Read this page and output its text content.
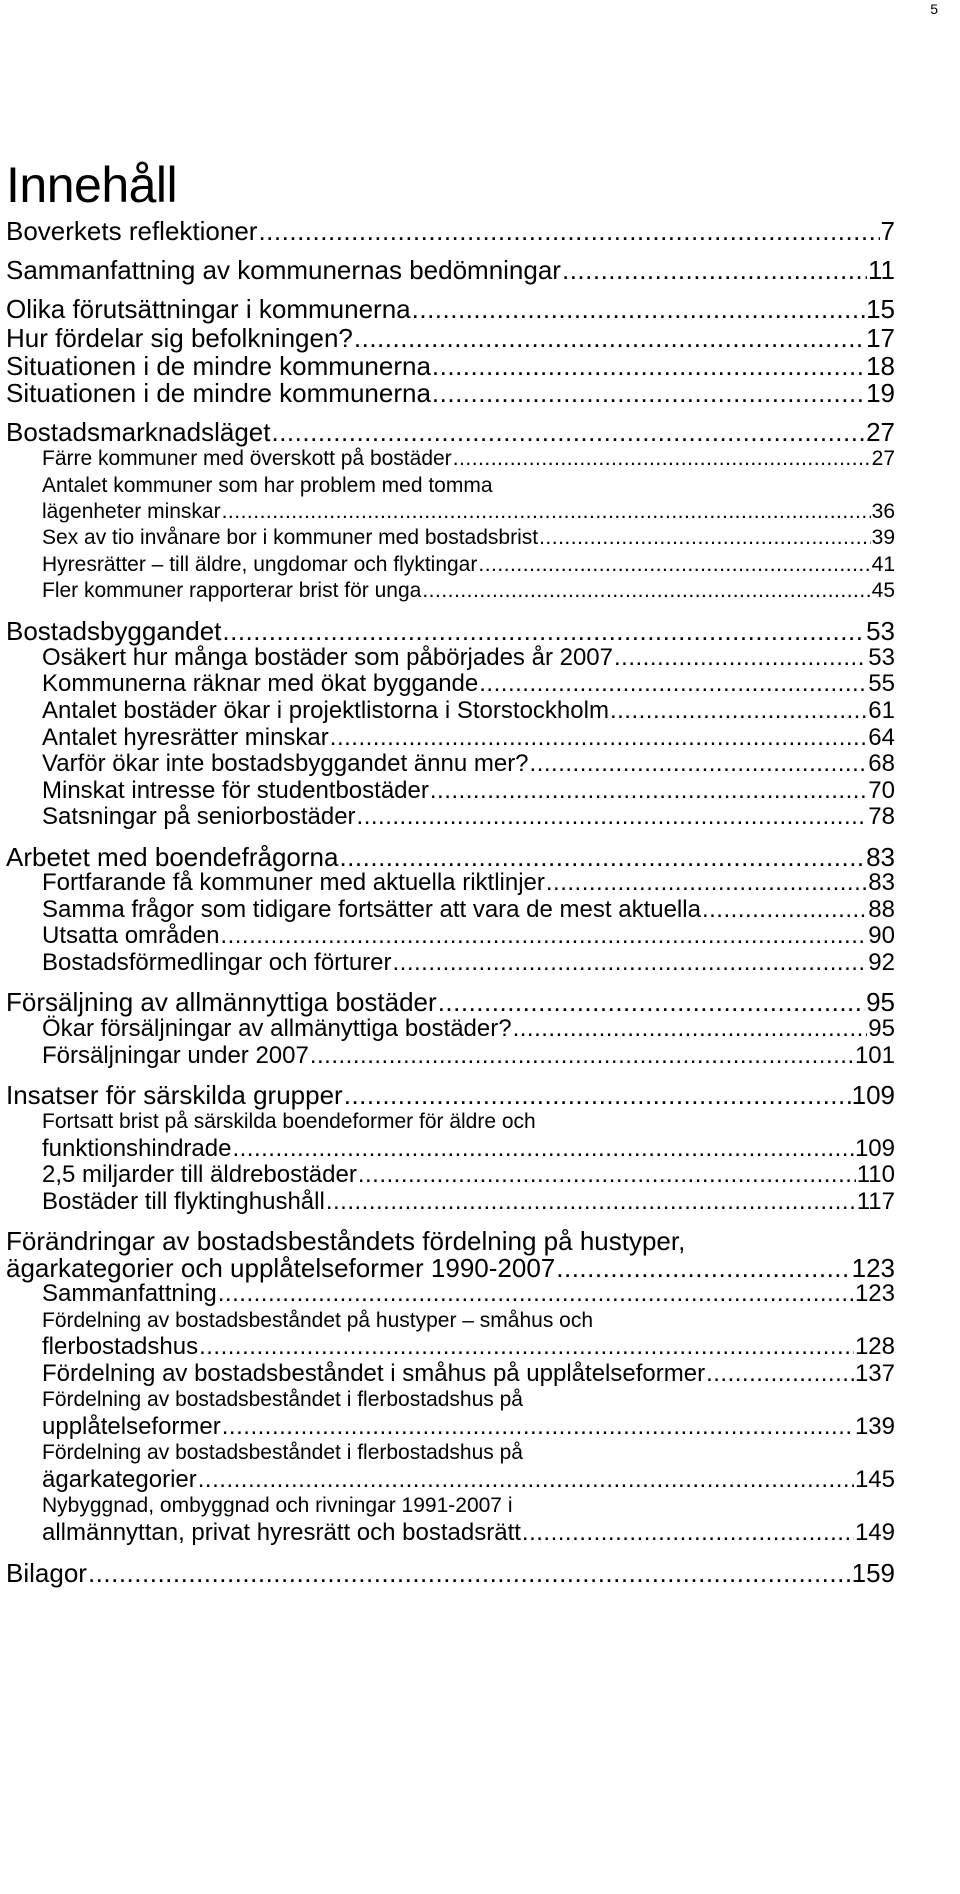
5
Innehåll
Boverkets reflektioner .....	7
Sammanfattning av kommunernas bedömningar .....	11
Olika förutsättningar i kommunerna .....	15
Hur fördelar sig befolkningen? .....	17
Situationen i de mindre kommunerna .....	18
Situationen i de mindre kommunerna .....	19
Bostadsmarknadsläget .....	27
Färre kommuner med överskott på bostäder .....	27
Antalet kommuner som har problem med tomma
lägenheter minskar .....	36
Sex av tio invånare bor i kommuner med bostadsbrist .....	39
Hyresrätter – till äldre, ungdomar och flyktingar .....	41
Fler kommuner rapporterar brist för unga .....	45
Bostadsbyggandet .....	53
Osäkert hur många bostäder som påbörjades år 2007 .....	53
Kommunerna räknar med ökat byggande .....	55
Antalet bostäder ökar i projektlistorna i Storstockholm .....	61
Antalet hyresrätter minskar .....	64
Varför ökar inte bostadsbyggandet ännu mer? .....	68
Minskat intresse för studentbostäder .....	70
Satsningar på seniorbostäder .....	78
Arbetet med boendefrågorna .....	83
Fortfarande få kommuner med aktuella riktlinjer .....	83
Samma frågor som tidigare fortsätter att vara de mest aktuella .....	88
Utsatta områden .....	90
Bostadsförmedlingar och förturer .....	92
Försäljning av allmännyttiga bostäder .....	95
Ökar försäljningar av allmänyttiga bostäder? .....	95
Försäljningar under 2007 .....	101
Insatser för särskilda grupper .....	109
Fortsatt brist på särskilda boendeformer för äldre och
funktionshindrade .....	109
2,5 miljarder till äldrebostäder .....	110
Bostäder till flyktinghushåll .....	117
Förändringar av bostadsbeståndets fördelning på hustyper,
ägarkategorier och upplåtelseformer 1990-2007 .....	123
Sammanfattning .....	123
Fördelning av bostadsbeståndet på hustyper – småhus och
flerbostadshus .....	128
Fördelning av bostadsbeståndet i småhus på upplåtelseformer .....	137
Fördelning av bostadsbeståndet i flerbostadshus på
upplåtelseformer .....	139
Fördelning av bostadsbeståndet i flerbostadshus på
ägarkategorier .....	145
Nybyggnad, ombyggnad och rivningar 1991-2007 i
allmännyttan, privat hyresrätt och bostadsrätt .....	149
Bilagor .....	159
